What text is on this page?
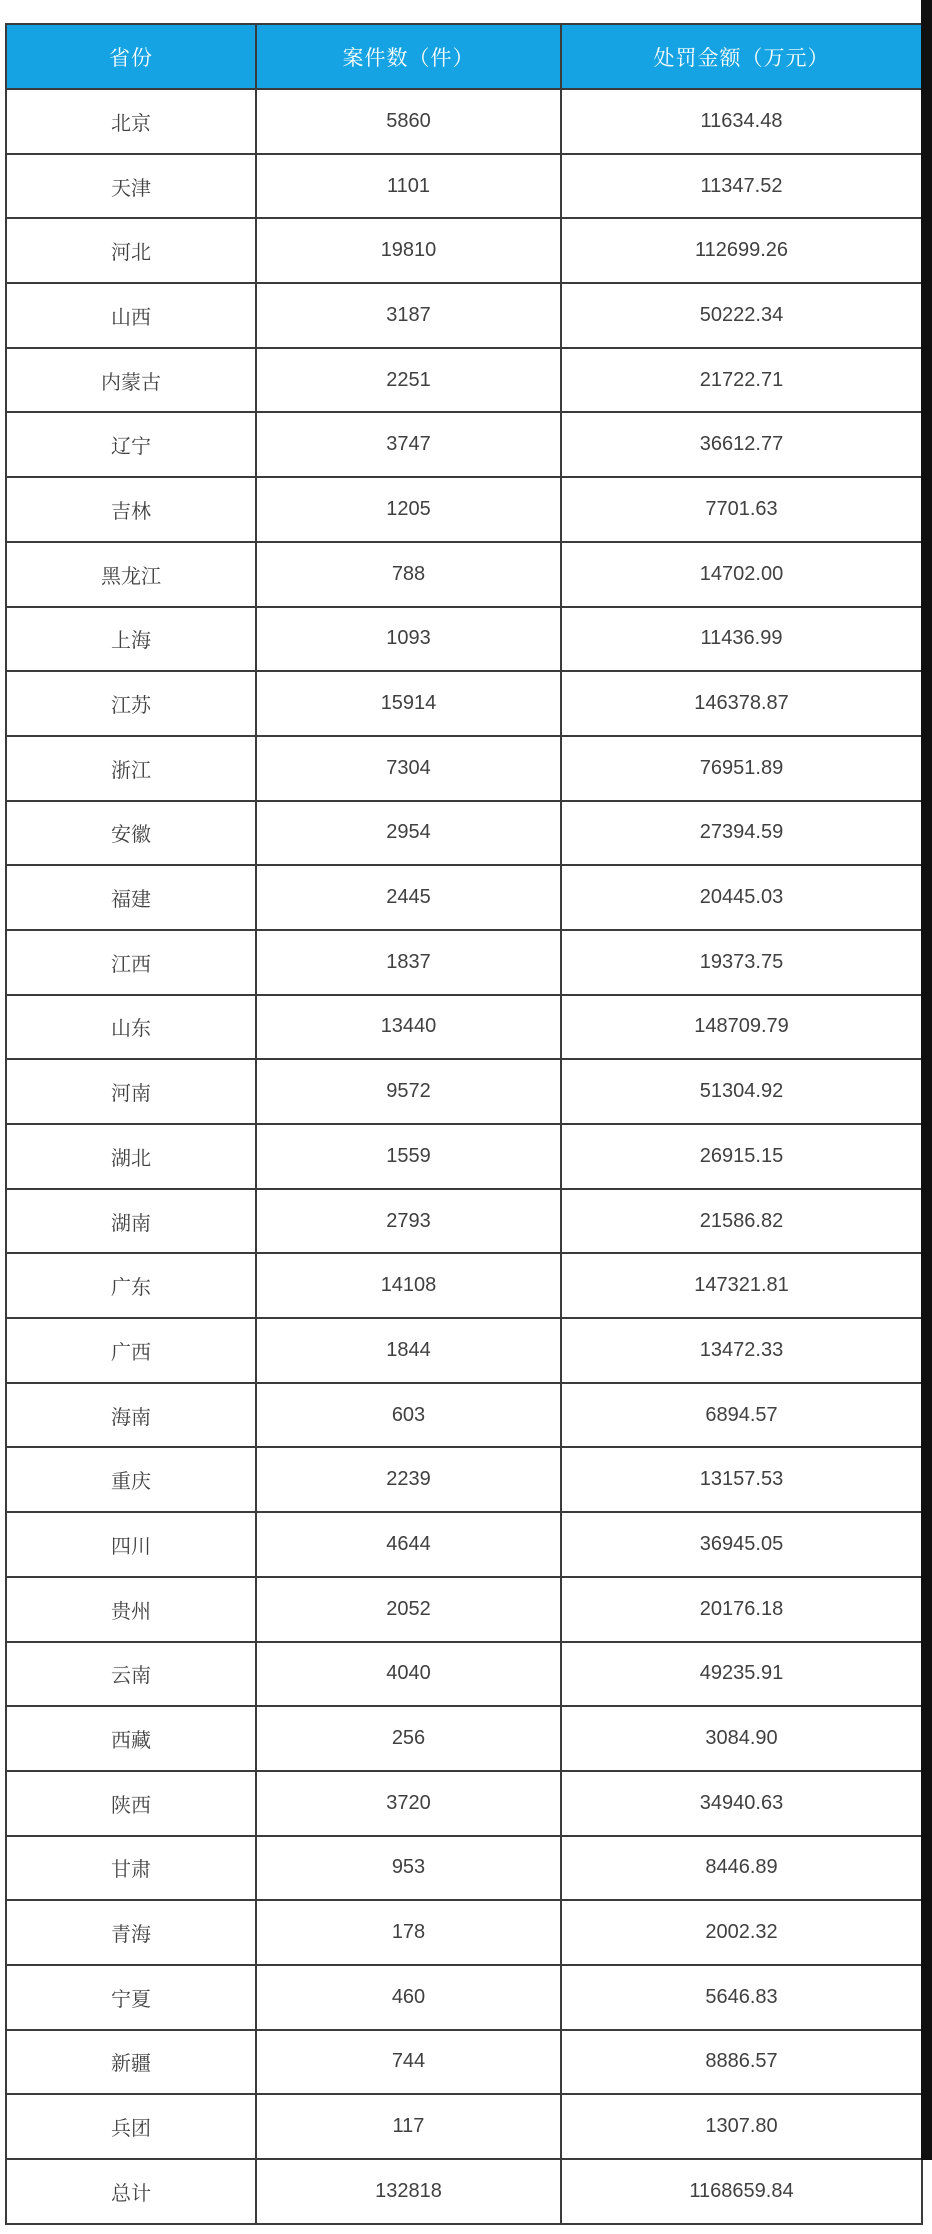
省份	案件数（件）	处罚金额（万元）
北京	5860	11634.48
天津	1101	11347.52
河北	19810	112699.26
山西	3187	50222.34
内蒙古	2251	21722.71
辽宁	3747	36612.77
吉林	1205	7701.63
黑龙江	788	14702.00
上海	1093	11436.99
江苏	15914	146378.87
浙江	7304	76951.89
安徽	2954	27394.59
福建	2445	20445.03
江西	1837	19373.75
山东	13440	148709.79
河南	9572	51304.92
湖北	1559	26915.15
湖南	2793	21586.82
广东	14108	147321.81
广西	1844	13472.33
海南	603	6894.57
重庆	2239	13157.53
四川	4644	36945.05
贵州	2052	20176.18
云南	4040	49235.91
西藏	256	3084.90
陕西	3720	34940.63
甘肃	953	8446.89
青海	178	2002.32
宁夏	460	5646.83
新疆	744	8886.57
兵团	117	1307.80
总计	132818	1168659.84
